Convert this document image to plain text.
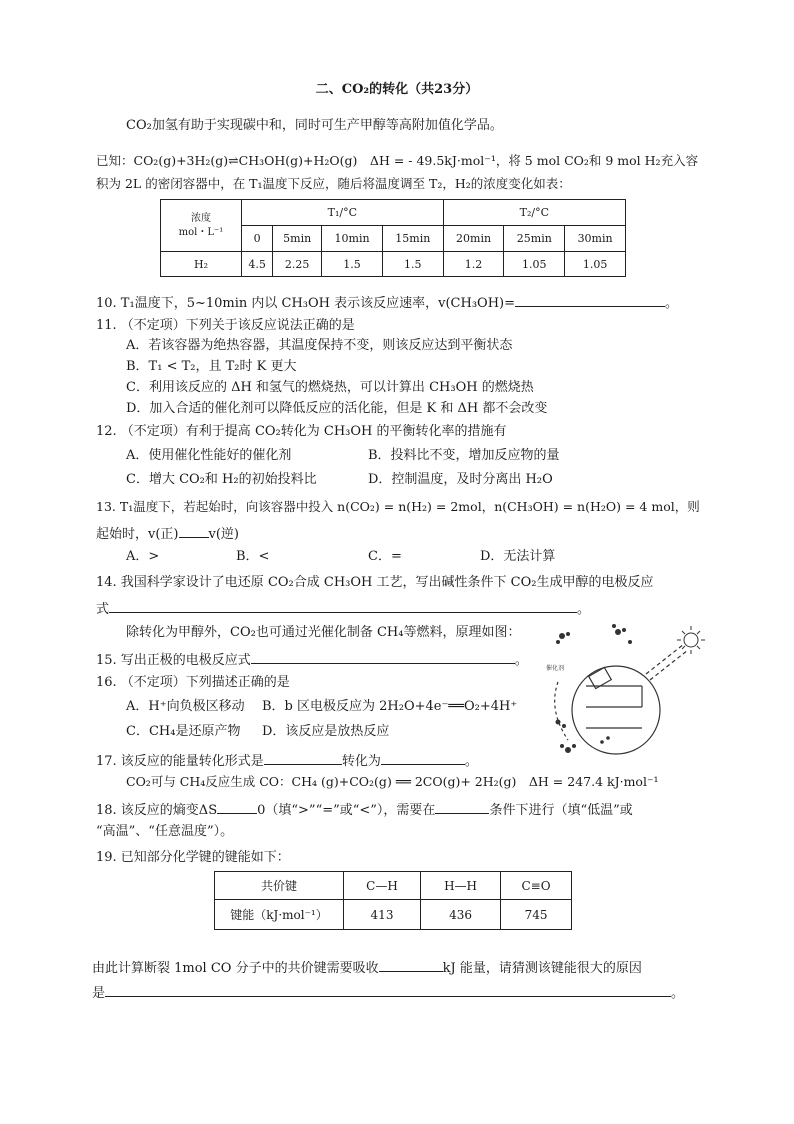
二、CO₂的转化（共23分）
CO₂加氢有助于实现碳中和，同时可生产甲醇等高附加值化学品。
已知：CO₂(g)+3H₂(g)⇌CH₃OH(g)+H₂O(g)　ΔH = - 49.5kJ·mol⁻¹，将 5 mol CO₂和 9 mol H₂充入容
积为 2L 的密闭容器中，在 T₁温度下反应，随后将温度调至 T₂，H₂的浓度变化如表：
浓度
mol・L⁻¹	T₁/°C				T₂/°C		
	0	5min	10min	15min	20min	25min	30min
H₂	4.5	2.25	1.5	1.5	1.2	1.05	1.05
10. T₁温度下，5~10min 内以 CH₃OH 表示该反应速率，v(CH₃OH)=	。
11. （不定项）下列关于该反应说法正确的是
A．若该容器为绝热容器，其温度保持不变，则该反应达到平衡状态
B．T₁ < T₂，且 T₂时 K 更大
C．利用该反应的 ΔH 和氢气的燃烧热，可以计算出 CH₃OH 的燃烧热
D．加入合适的催化剂可以降低反应的活化能，但是 K 和 ΔH 都不会改变
12. （不定项）有利于提高 CO₂转化为 CH₃OH 的平衡转化率的措施有
A．使用催化性能好的催化剂	B．投料比不变，增加反应物的量
C．增大 CO₂和 H₂的初始投料比	D．控制温度，及时分离出 H₂O
13. T₁温度下，若起始时，向该容器中投入 n(CO₂) = n(H₂) = 2mol，n(CH₃OH) = n(H₂O) = 4 mol，则
起始时，v(正) v(逆)
A．>	B．<	C．=	D．无法计算
14. 我国科学家设计了电还原 CO₂合成 CH₃OH 工艺，写出碱性条件下 CO₂生成甲醇的电极反应
式	。
除转化为甲醇外，CO₂也可通过光催化制备 CH₄等燃料，原理如图：
15. 写出正极的电极反应式	。
16. （不定项）下列描述正确的是
A．H⁺向负极区移动 B．b 区电极反应为 2H₂O+4e⁻══O₂+4H⁺
C．CH₄是还原产物 D．该反应是放热反应
17. 该反应的能量转化形式是	转化为	。
CO₂可与 CH₄反应生成 CO：CH₄ (g)+CO₂(g) ══ 2CO(g)+ 2H₂(g)　ΔH = 247.4 kJ·mol⁻¹
18. 该反应的熵变ΔS	0（填“>”“=”或“<”），需要在	条件下进行（填“低温”或
“高温”、“任意温度”）。
19. 已知部分化学键的键能如下：
共价键	C—H	H—H	C≡O
键能（kJ·mol⁻¹）	413	436	745
由此计算断裂 1mol CO 分子中的共价键需要吸收	kJ 能量，请猜测该键能很大的原因
是	。
催化剂
